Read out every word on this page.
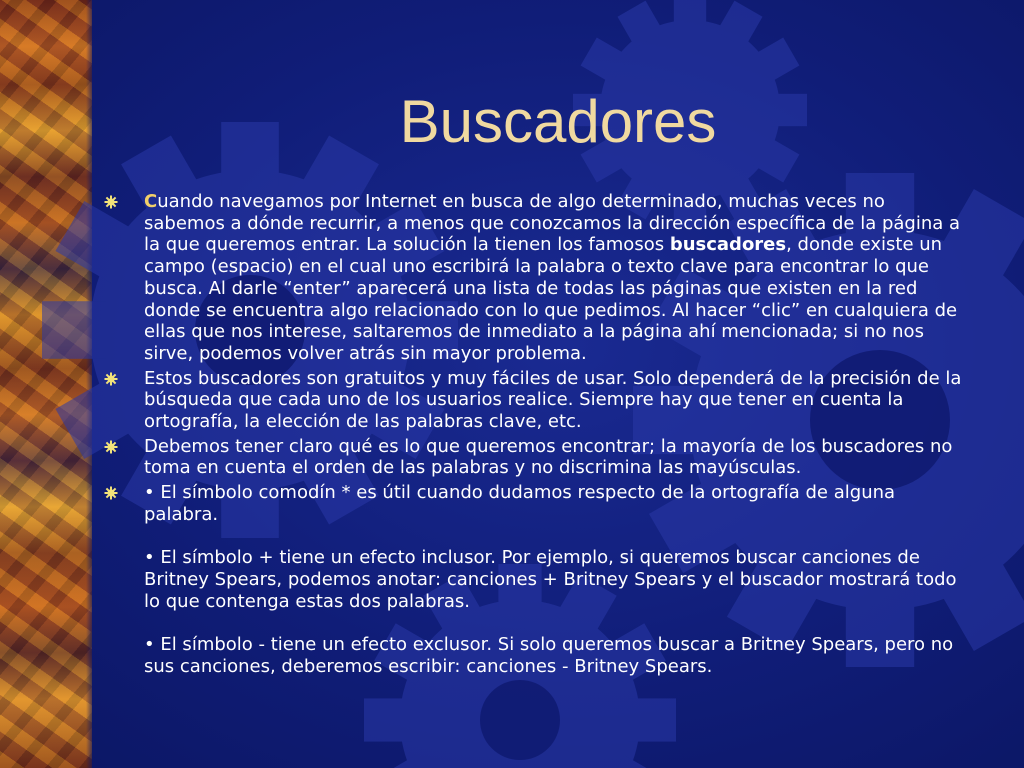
Buscadores
Cuando navegamos por Internet en busca de algo determinado, muchas veces no sabemos a dónde recurrir, a menos que conozcamos la dirección específica de la página a la que queremos entrar. La solución la tienen los famosos buscadores, donde existe un campo (espacio) en el cual uno escribirá la palabra o texto clave para encontrar lo que busca. Al darle “enter” aparecerá una lista de todas las páginas que existen en la red donde se encuentra algo relacionado con lo que pedimos. Al hacer “clic” en cualquiera de ellas que nos interese, saltaremos de inmediato a la página ahí mencionada; si no nos sirve, podemos volver atrás sin mayor problema.
Estos buscadores son gratuitos y muy fáciles de usar. Solo dependerá de la precisión de la búsqueda que cada uno de los usuarios realice. Siempre hay que tener en cuenta la ortografía, la elección de las palabras clave, etc.
Debemos tener claro qué es lo que queremos encontrar; la mayoría de los buscadores no toma en cuenta el orden de las palabras y no discrimina las mayúsculas.
• El símbolo comodín * es útil cuando dudamos respecto de la ortografía de alguna palabra.
• El símbolo + tiene un efecto inclusor. Por ejemplo, si queremos buscar canciones de Britney Spears, podemos anotar: canciones + Britney Spears y el buscador mostrará todo lo que contenga estas dos palabras.
• El símbolo - tiene un efecto exclusor. Si solo queremos buscar a Britney Spears, pero no sus canciones, deberemos escribir: canciones - Britney Spears.
